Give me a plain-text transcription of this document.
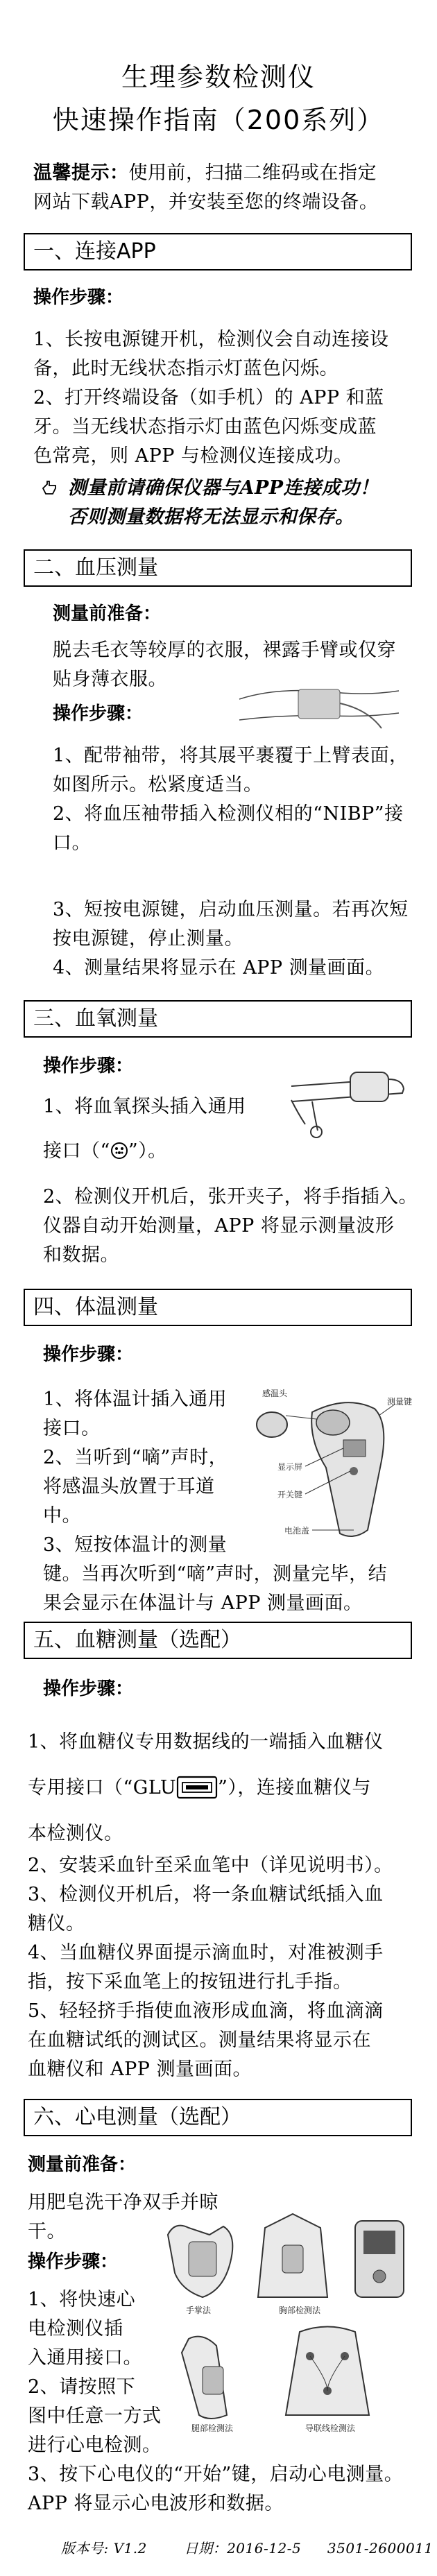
生理参数检测仪
快速操作指南（200系列）
温馨提示：使用前，扫描二维码或在指定
网站下载APP，并安装至您的终端设备。
一、连接APP
操作步骤：
1、长按电源键开机，检测仪会自动连接设
备，此时无线状态指示灯蓝色闪烁。
2、打开终端设备（如手机）的 APP 和蓝
牙。当无线状态指示灯由蓝色闪烁变成蓝
色常亮，则 APP 与检测仪连接成功。
测量前请确保仪器与APP连接成功！
否则测量数据将无法显示和保存。
二、血压测量
测量前准备：
脱去毛衣等较厚的衣服，裸露手臂或仅穿
贴身薄衣服。
操作步骤：
1、配带袖带，将其展平裹覆于上臂表面，
如图所示。松紧度适当。
2、将血压袖带插入检测仪相的“NIBP”接
口。
3、短按电源键，启动血压测量。若再次短
按电源键，停止测量。
4、测量结果将显示在 APP 测量画面。
三、血氧测量
操作步骤：
1、将血氧探头插入通用
接口（“ ”）。
2、检测仪开机后，张开夹子，将手指插入。
仪器自动开始测量，APP 将显示测量波形
和数据。
四、体温测量
操作步骤：
1、将体温计插入通用
接口。
2、当听到“嘀”声时，
将感温头放置于耳道
中。
3、短按体温计的测量
键。当再次听到“嘀”声时，测量完毕，结
果会显示在体温计与 APP 测量画面。
感温头
测量键
显示屏
开关键
电池盖
五、血糖测量（选配）
操作步骤：
1、将血糖仪专用数据线的一端插入血糖仪
专用接口（“GLU ”），连接血糖仪与
本检测仪。
2、安装采血针至采血笔中（详见说明书）。
3、检测仪开机后，将一条血糖试纸插入血
糖仪。
4、当血糖仪界面提示滴血时，对准被测手
指，按下采血笔上的按钮进行扎手指。
5、轻轻挤手指使血液形成血滴，将血滴滴
在血糖试纸的测试区。测量结果将显示在
血糖仪和 APP 测量画面。
六、心电测量（选配）
测量前准备：
用肥皂洗干净双手并晾
干。
操作步骤：
1、将快速心
电检测仪插
入通用接口。
2、请按照下
图中任意一方式
进行心电检测。
手掌法	胸部检测法
腿部检测法	导联线检测法
3、按下心电仪的“开始”键，启动心电测量。
APP 将显示心电波形和数据。
版本号: V1.2	日期：2016-12-5 3501-2600011
